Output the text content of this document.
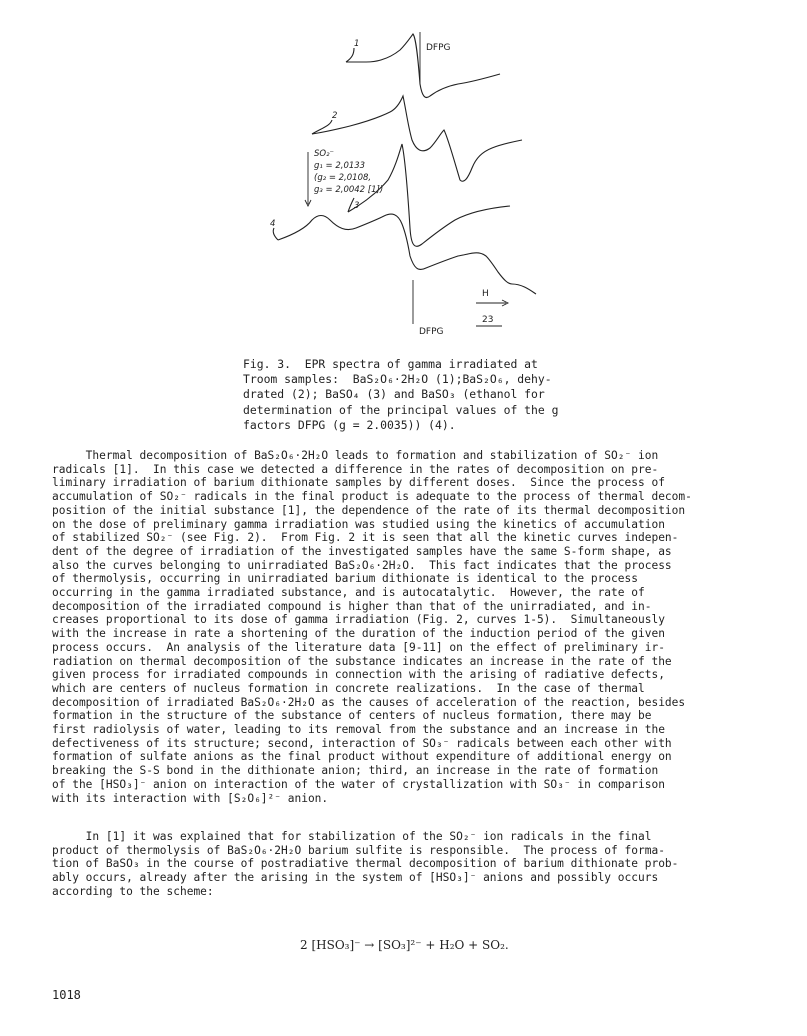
DFPG
DFPG
1
2
3
4
SO₂⁻
g₁ = 2,0133
(g₂ = 2,0108,
g₃ = 2,0042 [1])
H
23
Fig. 3.  EPR spectra of gamma irradiated at
Troom samples:  BaS₂O₆·2H₂O (1);BaS₂O₆, dehy-
drated (2); BaSO₄ (3) and BaSO₃ (ethanol for
determination of the principal values of the g
factors DFPG (g = 2.0035)) (4).
Thermal decomposition of BaS₂O₆·2H₂O leads to formation and stabilization of SO₂⁻ ion
radicals [1].  In this case we detected a difference in the rates of decomposition on pre-
liminary irradiation of barium dithionate samples by different doses.  Since the process of
accumulation of SO₂⁻ radicals in the final product is adequate to the process of thermal decom-
position of the initial substance [1], the dependence of the rate of its thermal decomposition
on the dose of preliminary gamma irradiation was studied using the kinetics of accumulation
of stabilized SO₂⁻ (see Fig. 2).  From Fig. 2 it is seen that all the kinetic curves indepen-
dent of the degree of irradiation of the investigated samples have the same S-form shape, as
also the curves belonging to unirradiated BaS₂O₆·2H₂O.  This fact indicates that the process
of thermolysis, occurring in unirradiated barium dithionate is identical to the process
occurring in the gamma irradiated substance, and is autocatalytic.  However, the rate of
decomposition of the irradiated compound is higher than that of the unirradiated, and in-
creases proportional to its dose of gamma irradiation (Fig. 2, curves 1-5).  Simultaneously
with the increase in rate a shortening of the duration of the induction period of the given
process occurs.  An analysis of the literature data [9-11] on the effect of preliminary ir-
radiation on thermal decomposition of the substance indicates an increase in the rate of the
given process for irradiated compounds in connection with the arising of radiative defects,
which are centers of nucleus formation in concrete realizations.  In the case of thermal
decomposition of irradiated BaS₂O₆·2H₂O as the causes of acceleration of the reaction, besides
formation in the structure of the substance of centers of nucleus formation, there may be
first radiolysis of water, leading to its removal from the substance and an increase in the
defectiveness of its structure; second, interaction of SO₃⁻ radicals between each other with
formation of sulfate anions as the final product without expenditure of additional energy on
breaking the S-S bond in the dithionate anion; third, an increase in the rate of formation
of the [HSO₃]⁻ anion on interaction of the water of crystallization with SO₃⁻ in comparison
with its interaction with [S₂O₆]²⁻ anion.
In [1] it was explained that for stabilization of the SO₂⁻ ion radicals in the final
product of thermolysis of BaS₂O₆·2H₂O barium sulfite is responsible.  The process of forma-
tion of BaSO₃ in the course of postradiative thermal decomposition of barium dithionate prob-
ably occurs, already after the arising in the system of [HSO₃]⁻ anions and possibly occurs
according to the scheme:
2 [HSO₃]⁻ → [SO₃]²⁻ + H₂O + SO₂.
1018
